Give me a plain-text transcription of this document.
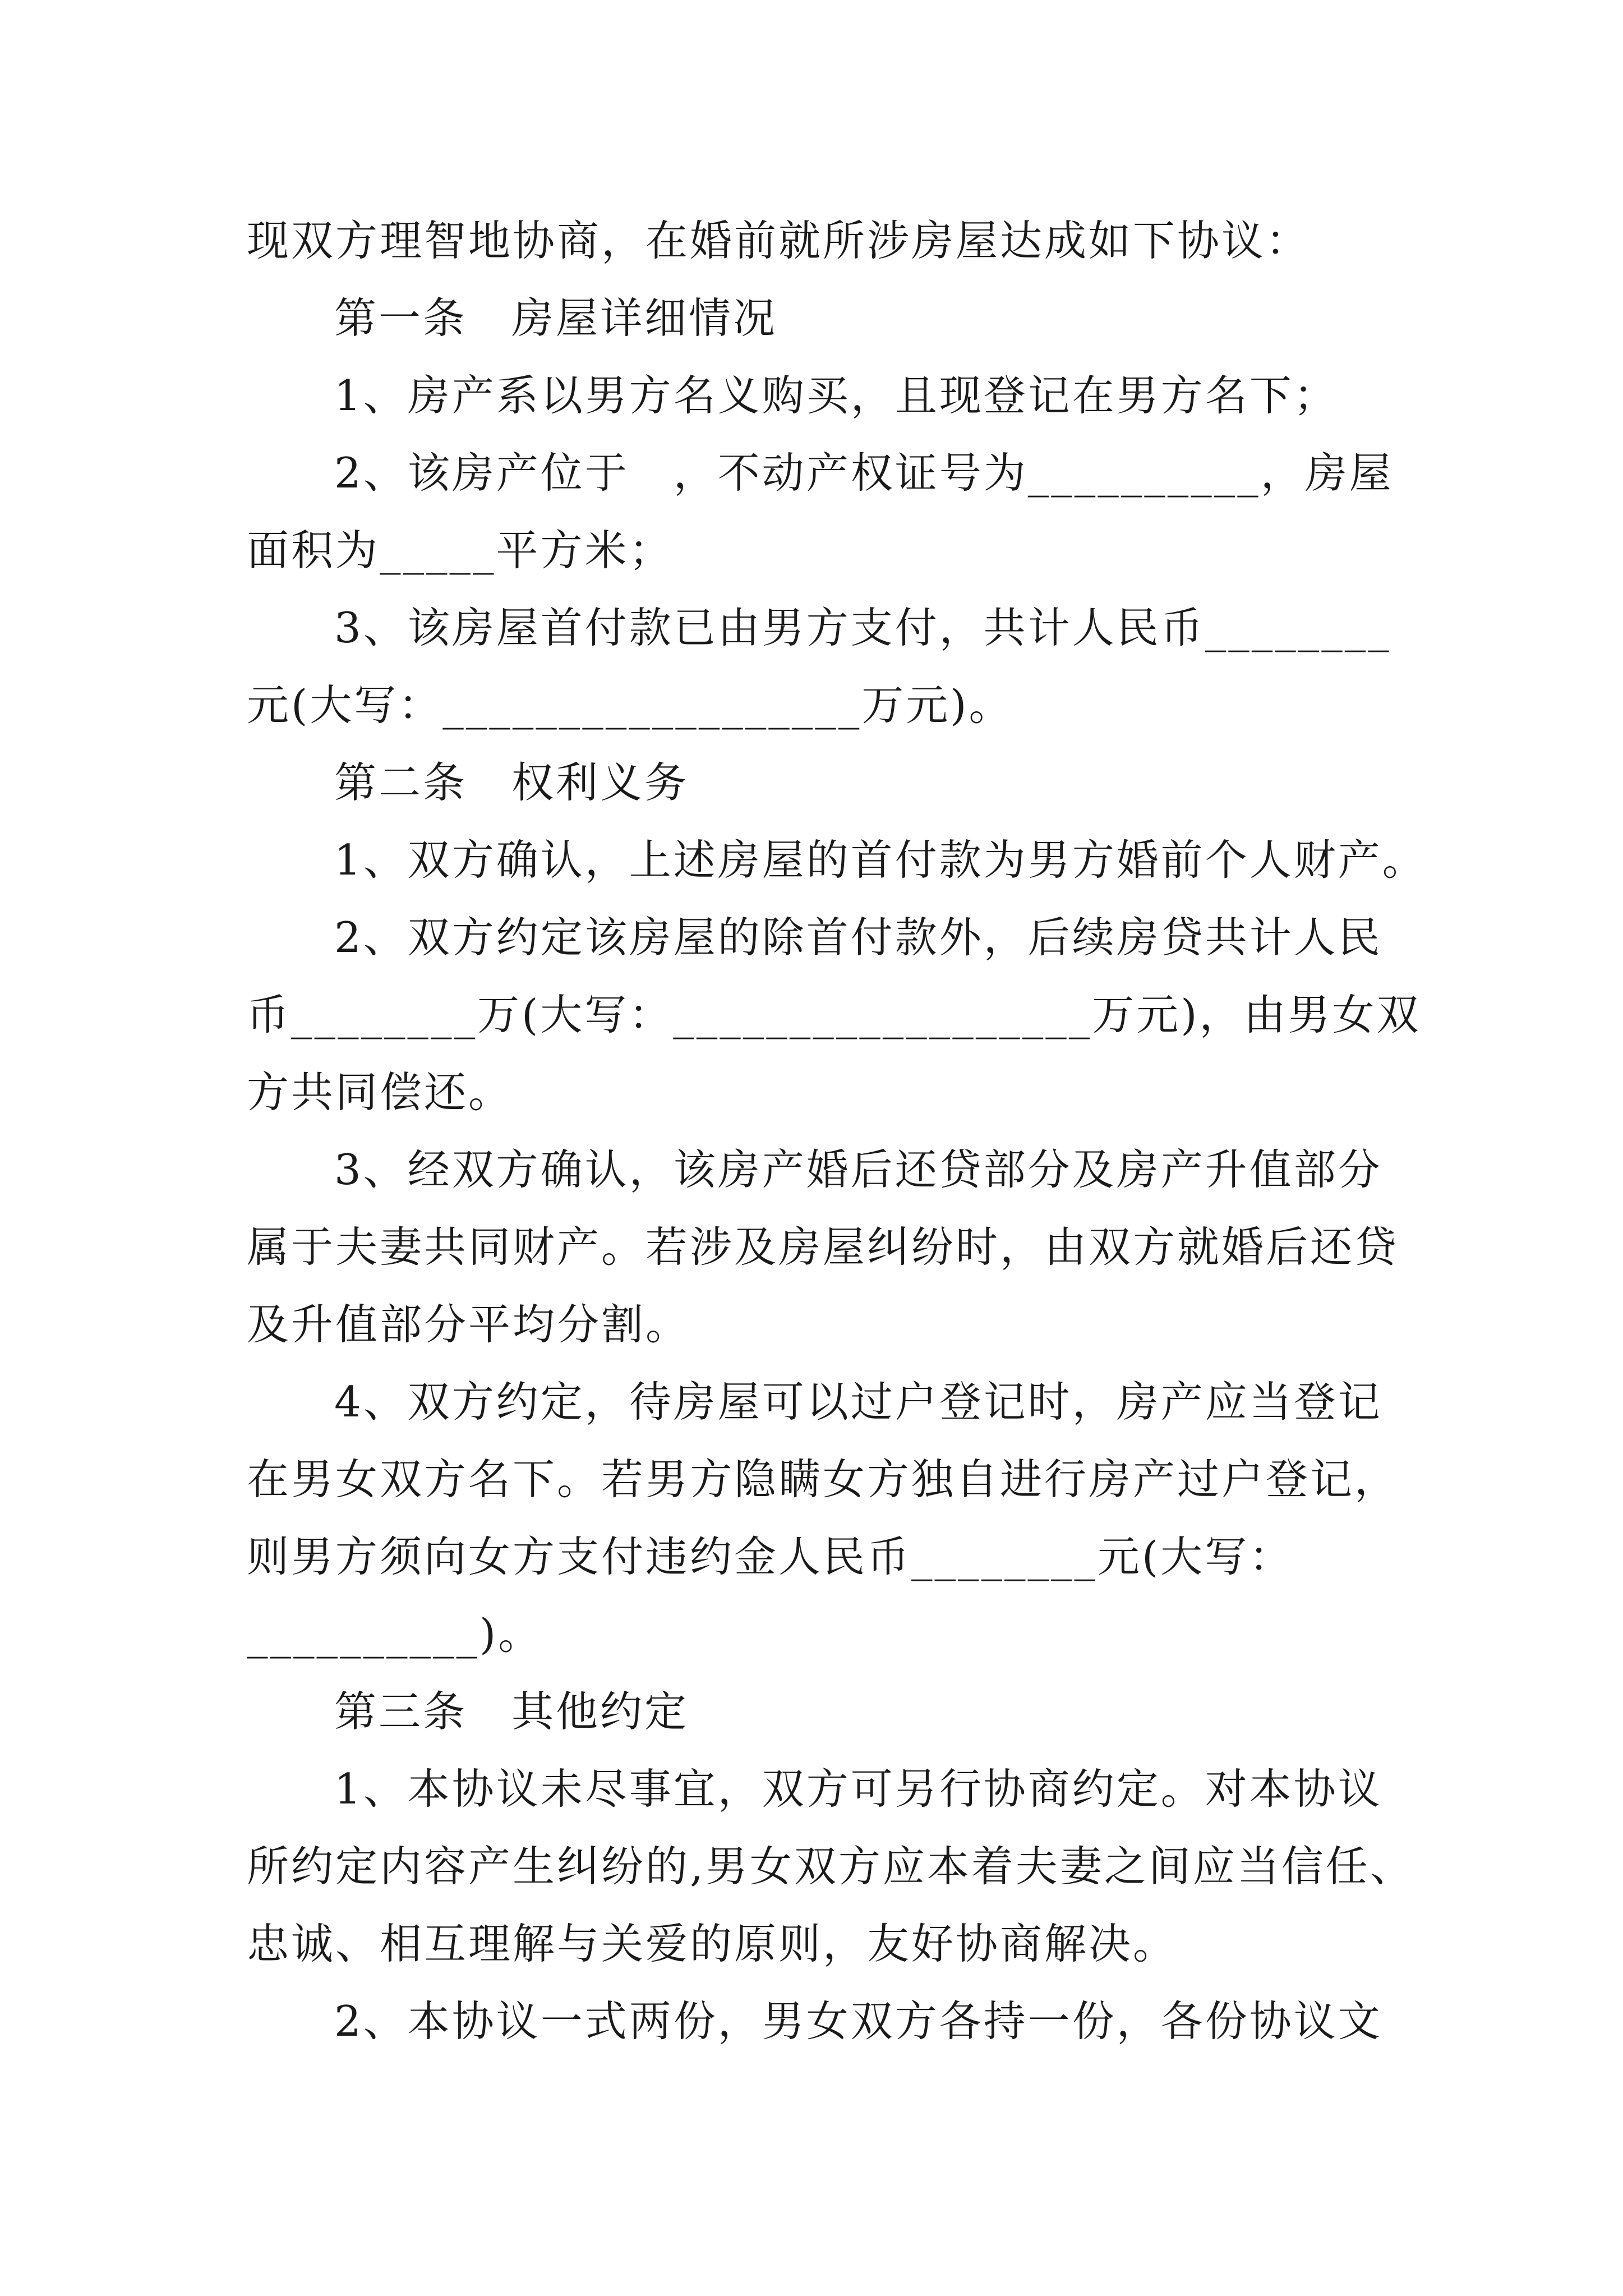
现双方理智地协商，在婚前就所涉房屋达成如下协议：
第一条　房屋详细情况
1、房产系以男方名义购买，且现登记在男方名下；
2、该房产位于　，不动产权证号为__________，房屋
面积为_____平方米；
3、该房屋首付款已由男方支付，共计人民币________
元(大写：__________________万元)。
第二条　权利义务
1、双方确认，上述房屋的首付款为男方婚前个人财产。
2、双方约定该房屋的除首付款外，后续房贷共计人民
币________万(大写：__________________万元)，由男女双
方共同偿还。
3、经双方确认，该房产婚后还贷部分及房产升值部分
属于夫妻共同财产。若涉及房屋纠纷时，由双方就婚后还贷
及升值部分平均分割。
4、双方约定，待房屋可以过户登记时，房产应当登记
在男女双方名下。若男方隐瞒女方独自进行房产过户登记，
则男方须向女方支付违约金人民币________元(大写：
__________)。
第三条　其他约定
1、本协议未尽事宜，双方可另行协商约定。对本协议
所约定内容产生纠纷的,男女双方应本着夫妻之间应当信任、
忠诚、相互理解与关爱的原则，友好协商解决。
2、本协议一式两份，男女双方各持一份，各份协议文
